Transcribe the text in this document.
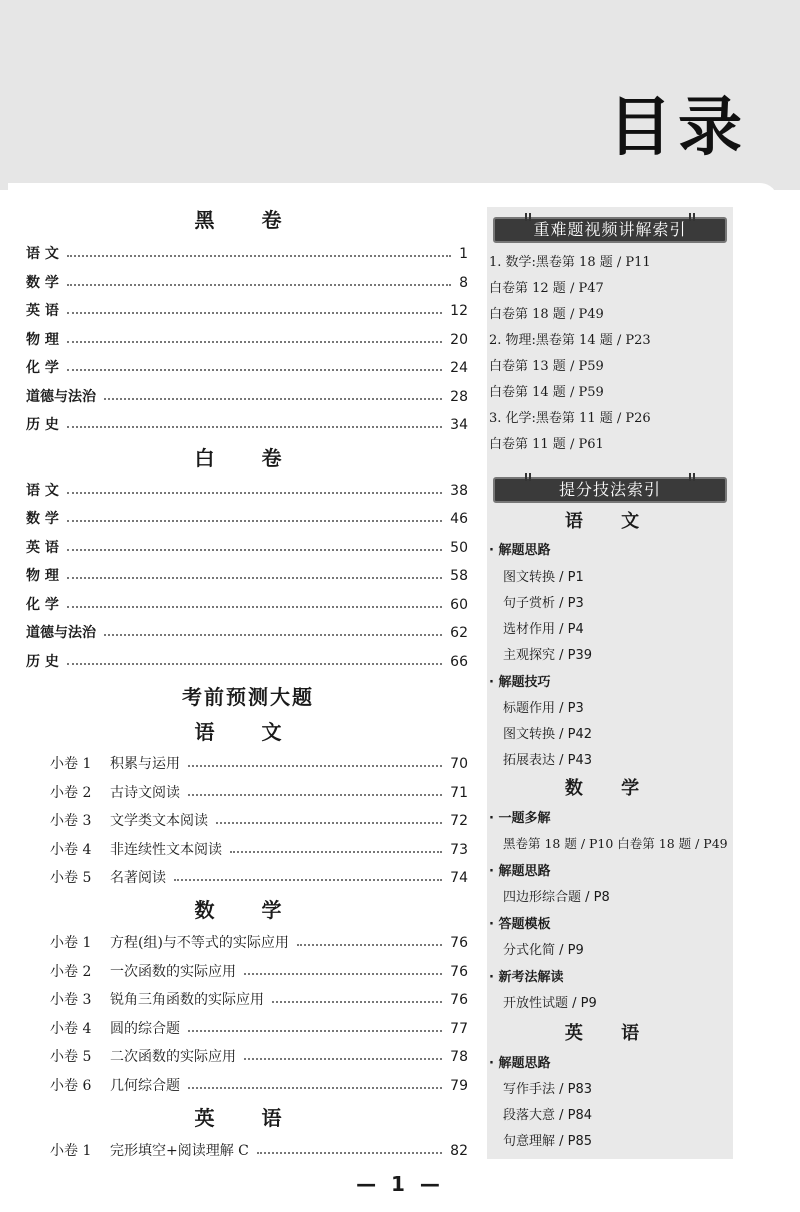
目录
黑 卷
语 文	1
数 学	8
英 语	12
物 理	20
化 学	24
道德与法治	28
历 史	34
白 卷
语 文	38
数 学	46
英 语	50
物 理	58
化 学	60
道德与法治	62
历 史	66
考前预测大题
语 文
小卷 1	积累与运用	70
小卷 2	古诗文阅读	71
小卷 3	文学类文本阅读	72
小卷 4	非连续性文本阅读	73
小卷 5	名著阅读	74
数 学
小卷 1	方程(组)与不等式的实际应用	76
小卷 2	一次函数的实际应用	76
小卷 3	锐角三角函数的实际应用	76
小卷 4	圆的综合题	77
小卷 5	二次函数的实际应用	78
小卷 6	几何综合题	79
英 语
小卷 1	完形填空+阅读理解 C	82
重难题视频讲解索引
1. 数学:黑卷第 18 题 / P11
白卷第 12 题 / P47
白卷第 18 题 / P49
2. 物理:黑卷第 14 题 / P23
白卷第 13 题 / P59
白卷第 14 题 / P59
3. 化学:黑卷第 11 题 / P26
白卷第 11 题 / P61
提分技法索引
语 文
· 解题思路
图文转换 / P1
句子赏析 / P3
选材作用 / P4
主观探究 / P39
· 解题技巧
标题作用 / P3
图文转换 / P42
拓展表达 / P43
数 学
· 一题多解
黑卷第 18 题 / P10 白卷第 18 题 / P49
· 解题思路
四边形综合题 / P8
· 答题模板
分式化简 / P9
· 新考法解读
开放性试题 / P9
英 语
· 解题思路
写作手法 / P83
段落大意 / P84
句意理解 / P85
— 1 —
